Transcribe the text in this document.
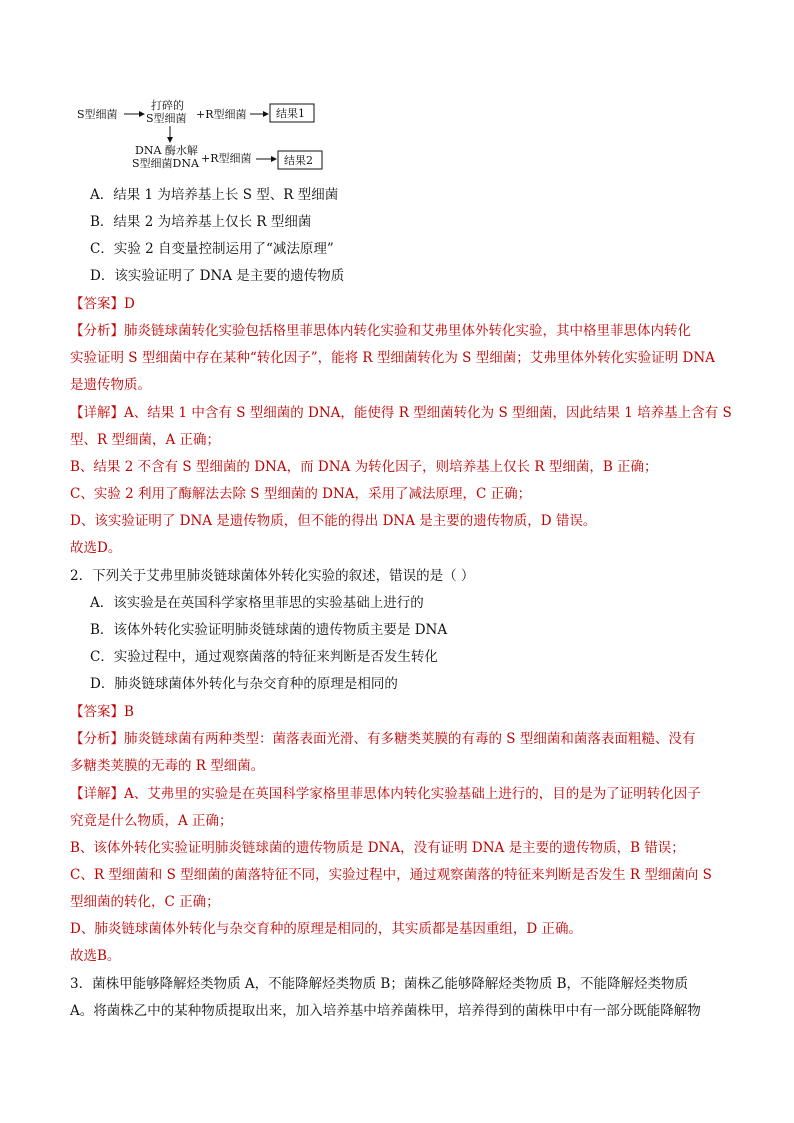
S型细菌
打碎的
S型细菌 +R型细菌	结果1
DNA 酶水解
S型细菌DNA +R型细菌	结果2
A．结果 1 为培养基上长 S 型、R 型细菌
B．结果 2 为培养基上仅长 R 型细菌
C．实验 2 自变量控制运用了“减法原理”
D．该实验证明了 DNA 是主要的遗传物质
【答案】D
【分析】肺炎链球菌转化实验包括格里菲思体内转化实验和艾弗里体外转化实验，其中格里菲思体内转化
实验证明 S 型细菌中存在某种“转化因子”，能将 R 型细菌转化为 S 型细菌；艾弗里体外转化实验证明 DNA
是遗传物质。
【详解】A、结果 1 中含有 S 型细菌的 DNA，能使得 R 型细菌转化为 S 型细菌，因此结果 1 培养基上含有 S
型、R 型细菌，A 正确；
B、结果 2 不含有 S 型细菌的 DNA，而 DNA 为转化因子，则培养基上仅长 R 型细菌，B 正确；
C、实验 2 利用了酶解法去除 S 型细菌的 DNA，采用了减法原理，C 正确；
D、该实验证明了 DNA 是遗传物质，但不能的得出 DNA 是主要的遗传物质，D 错误。
故选D。
2．下列关于艾弗里肺炎链球菌体外转化实验的叙述，错误的是（ ）
A．该实验是在英国科学家格里菲思的实验基础上进行的
B．该体外转化实验证明肺炎链球菌的遗传物质主要是 DNA
C．实验过程中，通过观察菌落的特征来判断是否发生转化
D．肺炎链球菌体外转化与杂交育种的原理是相同的
【答案】B
【分析】肺炎链球菌有两种类型：菌落表面光滑、有多糖类荚膜的有毒的 S 型细菌和菌落表面粗糙、没有
多糖类荚膜的无毒的 R 型细菌。
【详解】A、艾弗里的实验是在英国科学家格里菲思体内转化实验基础上进行的，目的是为了证明转化因子
究竟是什么物质，A 正确；
B、该体外转化实验证明肺炎链球菌的遗传物质是 DNA，没有证明 DNA 是主要的遗传物质，B 错误；
C、R 型细菌和 S 型细菌的菌落特征不同，实验过程中，通过观察菌落的特征来判断是否发生 R 型细菌向 S
型细菌的转化，C 正确；
D、肺炎链球菌体外转化与杂交育种的原理是相同的，其实质都是基因重组，D 正确。
故选B。
3．菌株甲能够降解烃类物质 A，不能降解烃类物质 B；菌株乙能够降解烃类物质 B，不能降解烃类物质
A。将菌株乙中的某种物质提取出来，加入培养基中培养菌株甲，培养得到的菌株甲中有一部分既能降解物
